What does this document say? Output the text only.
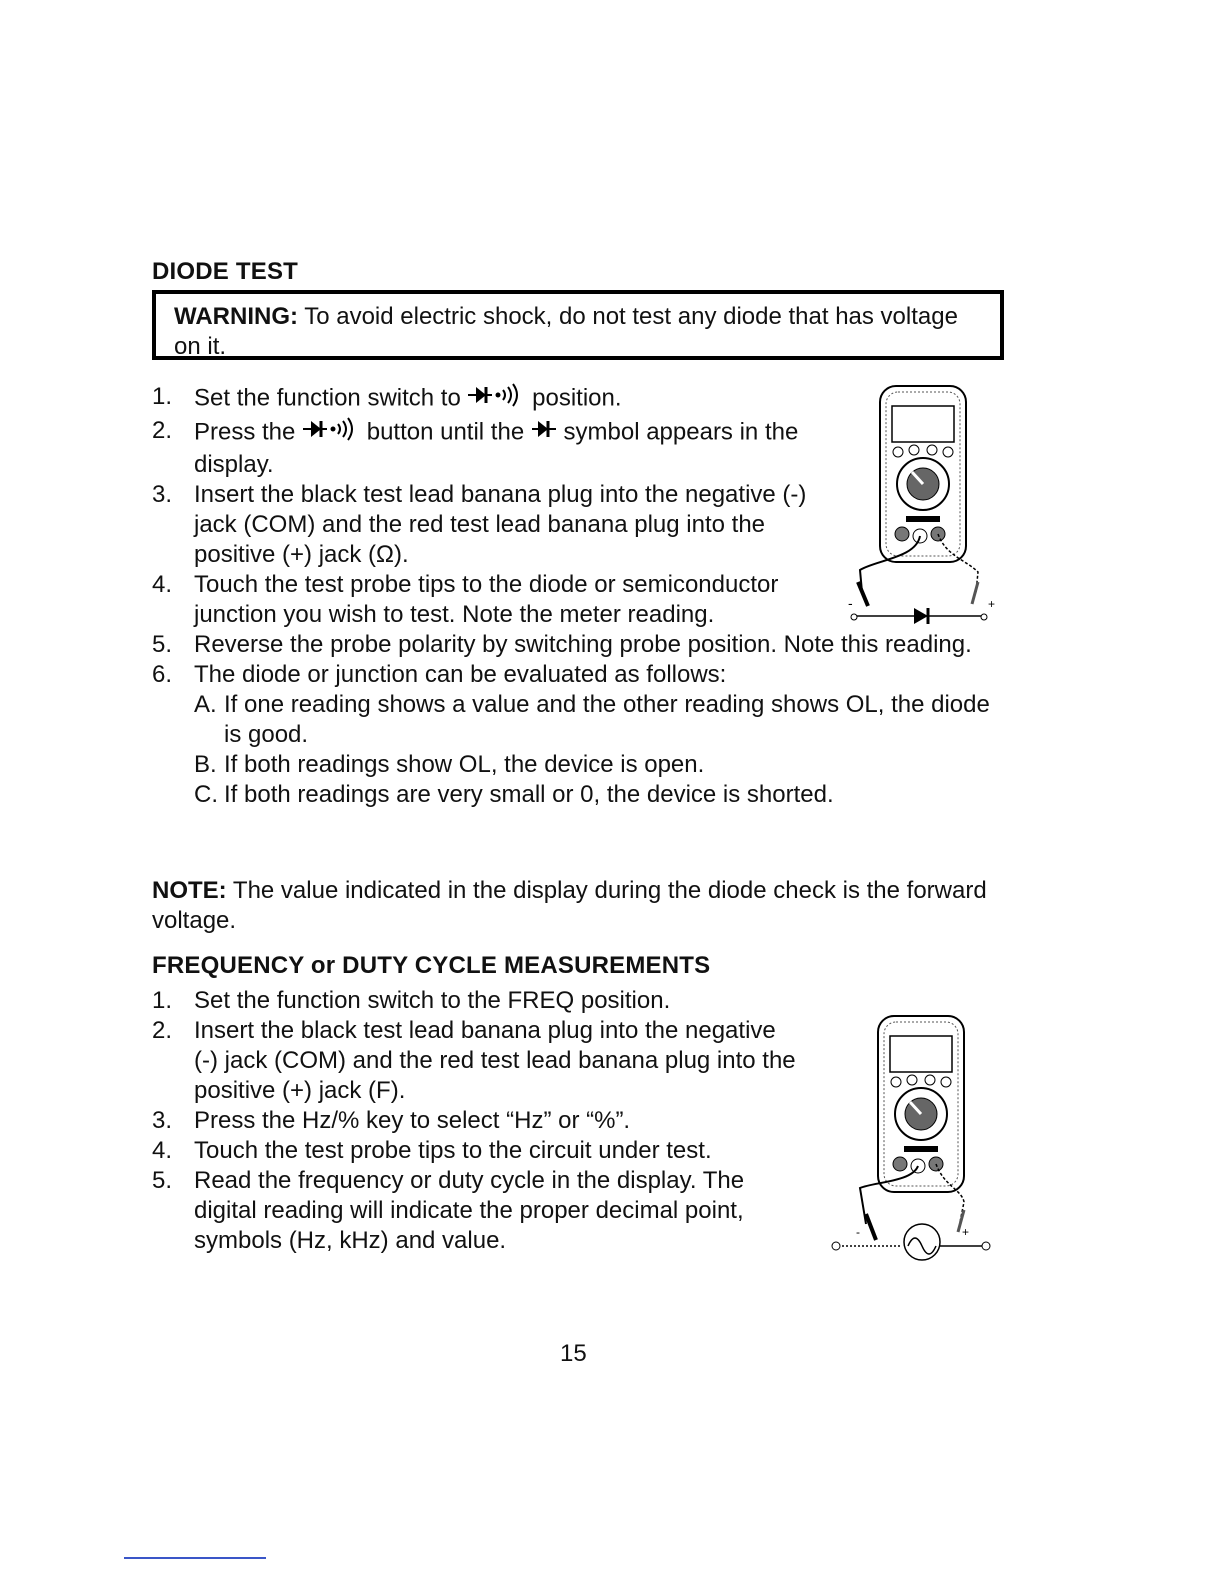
DIODE TEST
WARNING: To avoid electric shock, do not test any diode that has voltage on it.
1. Set the function switch to  position.
2. Press the  button until the  symbol appears in the display.
3. Insert the black test lead banana plug into the negative (-) jack (COM) and the red test lead banana plug into the positive (+) jack (Ω).
4. Touch the test probe tips to the diode or semiconductor junction you wish to test. Note the meter reading.
5. Reverse the probe polarity by switching probe position. Note this reading.
6. The diode or junction can be evaluated as follows:
A. If one reading shows a value and the other reading shows OL, the diode is good.
B. If both readings show OL, the device is open.
C. If both readings are very small or 0, the device is shorted.
-	+
NOTE: The value indicated in the display during the diode check is the forward voltage.
FREQUENCY or DUTY CYCLE MEASUREMENTS
1. Set the function switch to the FREQ position.
2. Insert the black test lead banana plug into the negative (-) jack (COM) and the red test lead banana plug into the positive (+) jack (F).
3. Press the Hz/% key to select “Hz” or “%”.
4. Touch the test probe tips to the circuit under test.
5. Read the frequency or duty cycle in the display. The digital reading will indicate the proper decimal point, symbols (Hz, kHz) and value.	-	+
15
